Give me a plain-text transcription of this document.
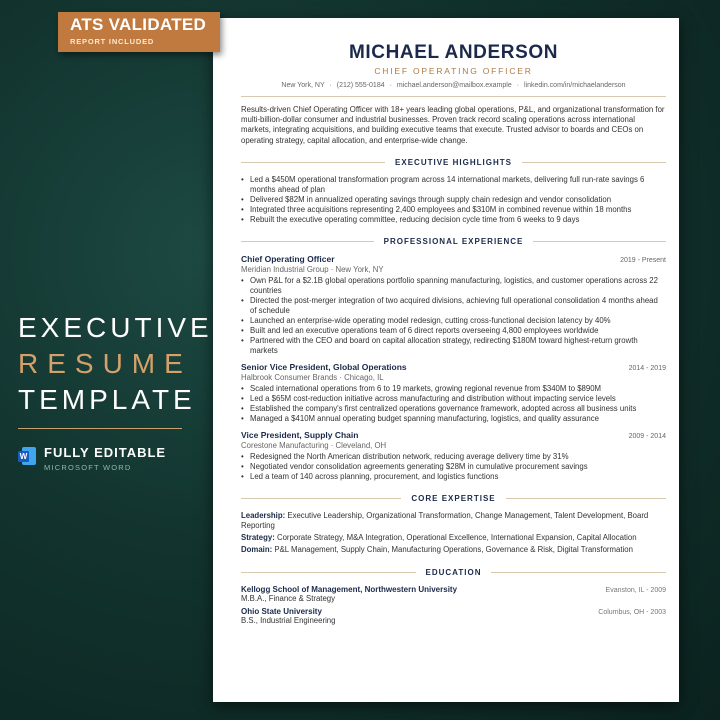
ATS VALIDATED
REPORT INCLUDED
EXECUTIVE
RESUME
TEMPLATE
W FULLY EDITABLE
MICROSOFT WORD
MICHAEL ANDERSON
CHIEF OPERATING OFFICER
New York, NY · (212) 555-0184 · michael.anderson@mailbox.example · linkedin.com/in/michaelanderson

Results-driven Chief Operating Officer with 18+ years leading global operations, P&L, and organizational transformation for multi-billion-dollar consumer and industrial businesses. Proven track record scaling operations across international markets, integrating acquisitions, and building executive teams that execute. Trusted advisor to boards and CEOs on operating strategy, capital allocation, and enterprise-wide change.

EXECUTIVE HIGHLIGHTS
• Led a $450M operational transformation program across 14 international markets, delivering full run-rate savings 6 months ahead of plan
• Delivered $82M in annualized operating savings through supply chain redesign and vendor consolidation
• Integrated three acquisitions representing 2,400 employees and $310M in combined revenue within 18 months
• Rebuilt the executive operating committee, reducing decision cycle time from 6 weeks to 9 days
PROFESSIONAL EXPERIENCE
Chief Operating Officer	2019 - Present
Meridian Industrial Group · New York, NY
• Own P&L for a $2.1B global operations portfolio spanning manufacturing, logistics, and customer operations across 22 countries
• Directed the post-merger integration of two acquired divisions, achieving full operational consolidation 4 months ahead of schedule
• Launched an enterprise-wide operating model redesign, cutting cross-functional decision latency by 40%
• Built and led an executive operations team of 6 direct reports overseeing 4,800 employees worldwide
• Partnered with the CEO and board on capital allocation strategy, redirecting $180M toward highest-return growth markets
Senior Vice President, Global Operations	2014 - 2019
Halbrook Consumer Brands · Chicago, IL
• Scaled international operations from 6 to 19 markets, growing regional revenue from $340M to $890M
• Led a $65M cost-reduction initiative across manufacturing and distribution without impacting service levels
• Established the company's first centralized operations governance framework, adopted across all business units
• Managed a $410M annual operating budget spanning manufacturing, logistics, and quality assurance
Vice President, Supply Chain	2009 - 2014
Corestone Manufacturing · Cleveland, OH
• Redesigned the North American distribution network, reducing average delivery time by 31%
• Negotiated vendor consolidation agreements generating $28M in cumulative procurement savings
• Led a team of 140 across planning, procurement, and logistics functions
CORE EXPERTISE

Leadership: Executive Leadership, Organizational Transformation, Change Management, Talent Development, Board Reporting

Strategy: Corporate Strategy, M&A Integration, Operational Excellence, International Expansion, Capital Allocation

Domain: P&L Management, Supply Chain, Manufacturing Operations, Governance & Risk, Digital Transformation

EDUCATION
Kellogg School of Management, Northwestern University	Evanston, IL - 2009
M.B.A., Finance & Strategy
Ohio State University	Columbus, OH - 2003
B.S., Industrial Engineering
